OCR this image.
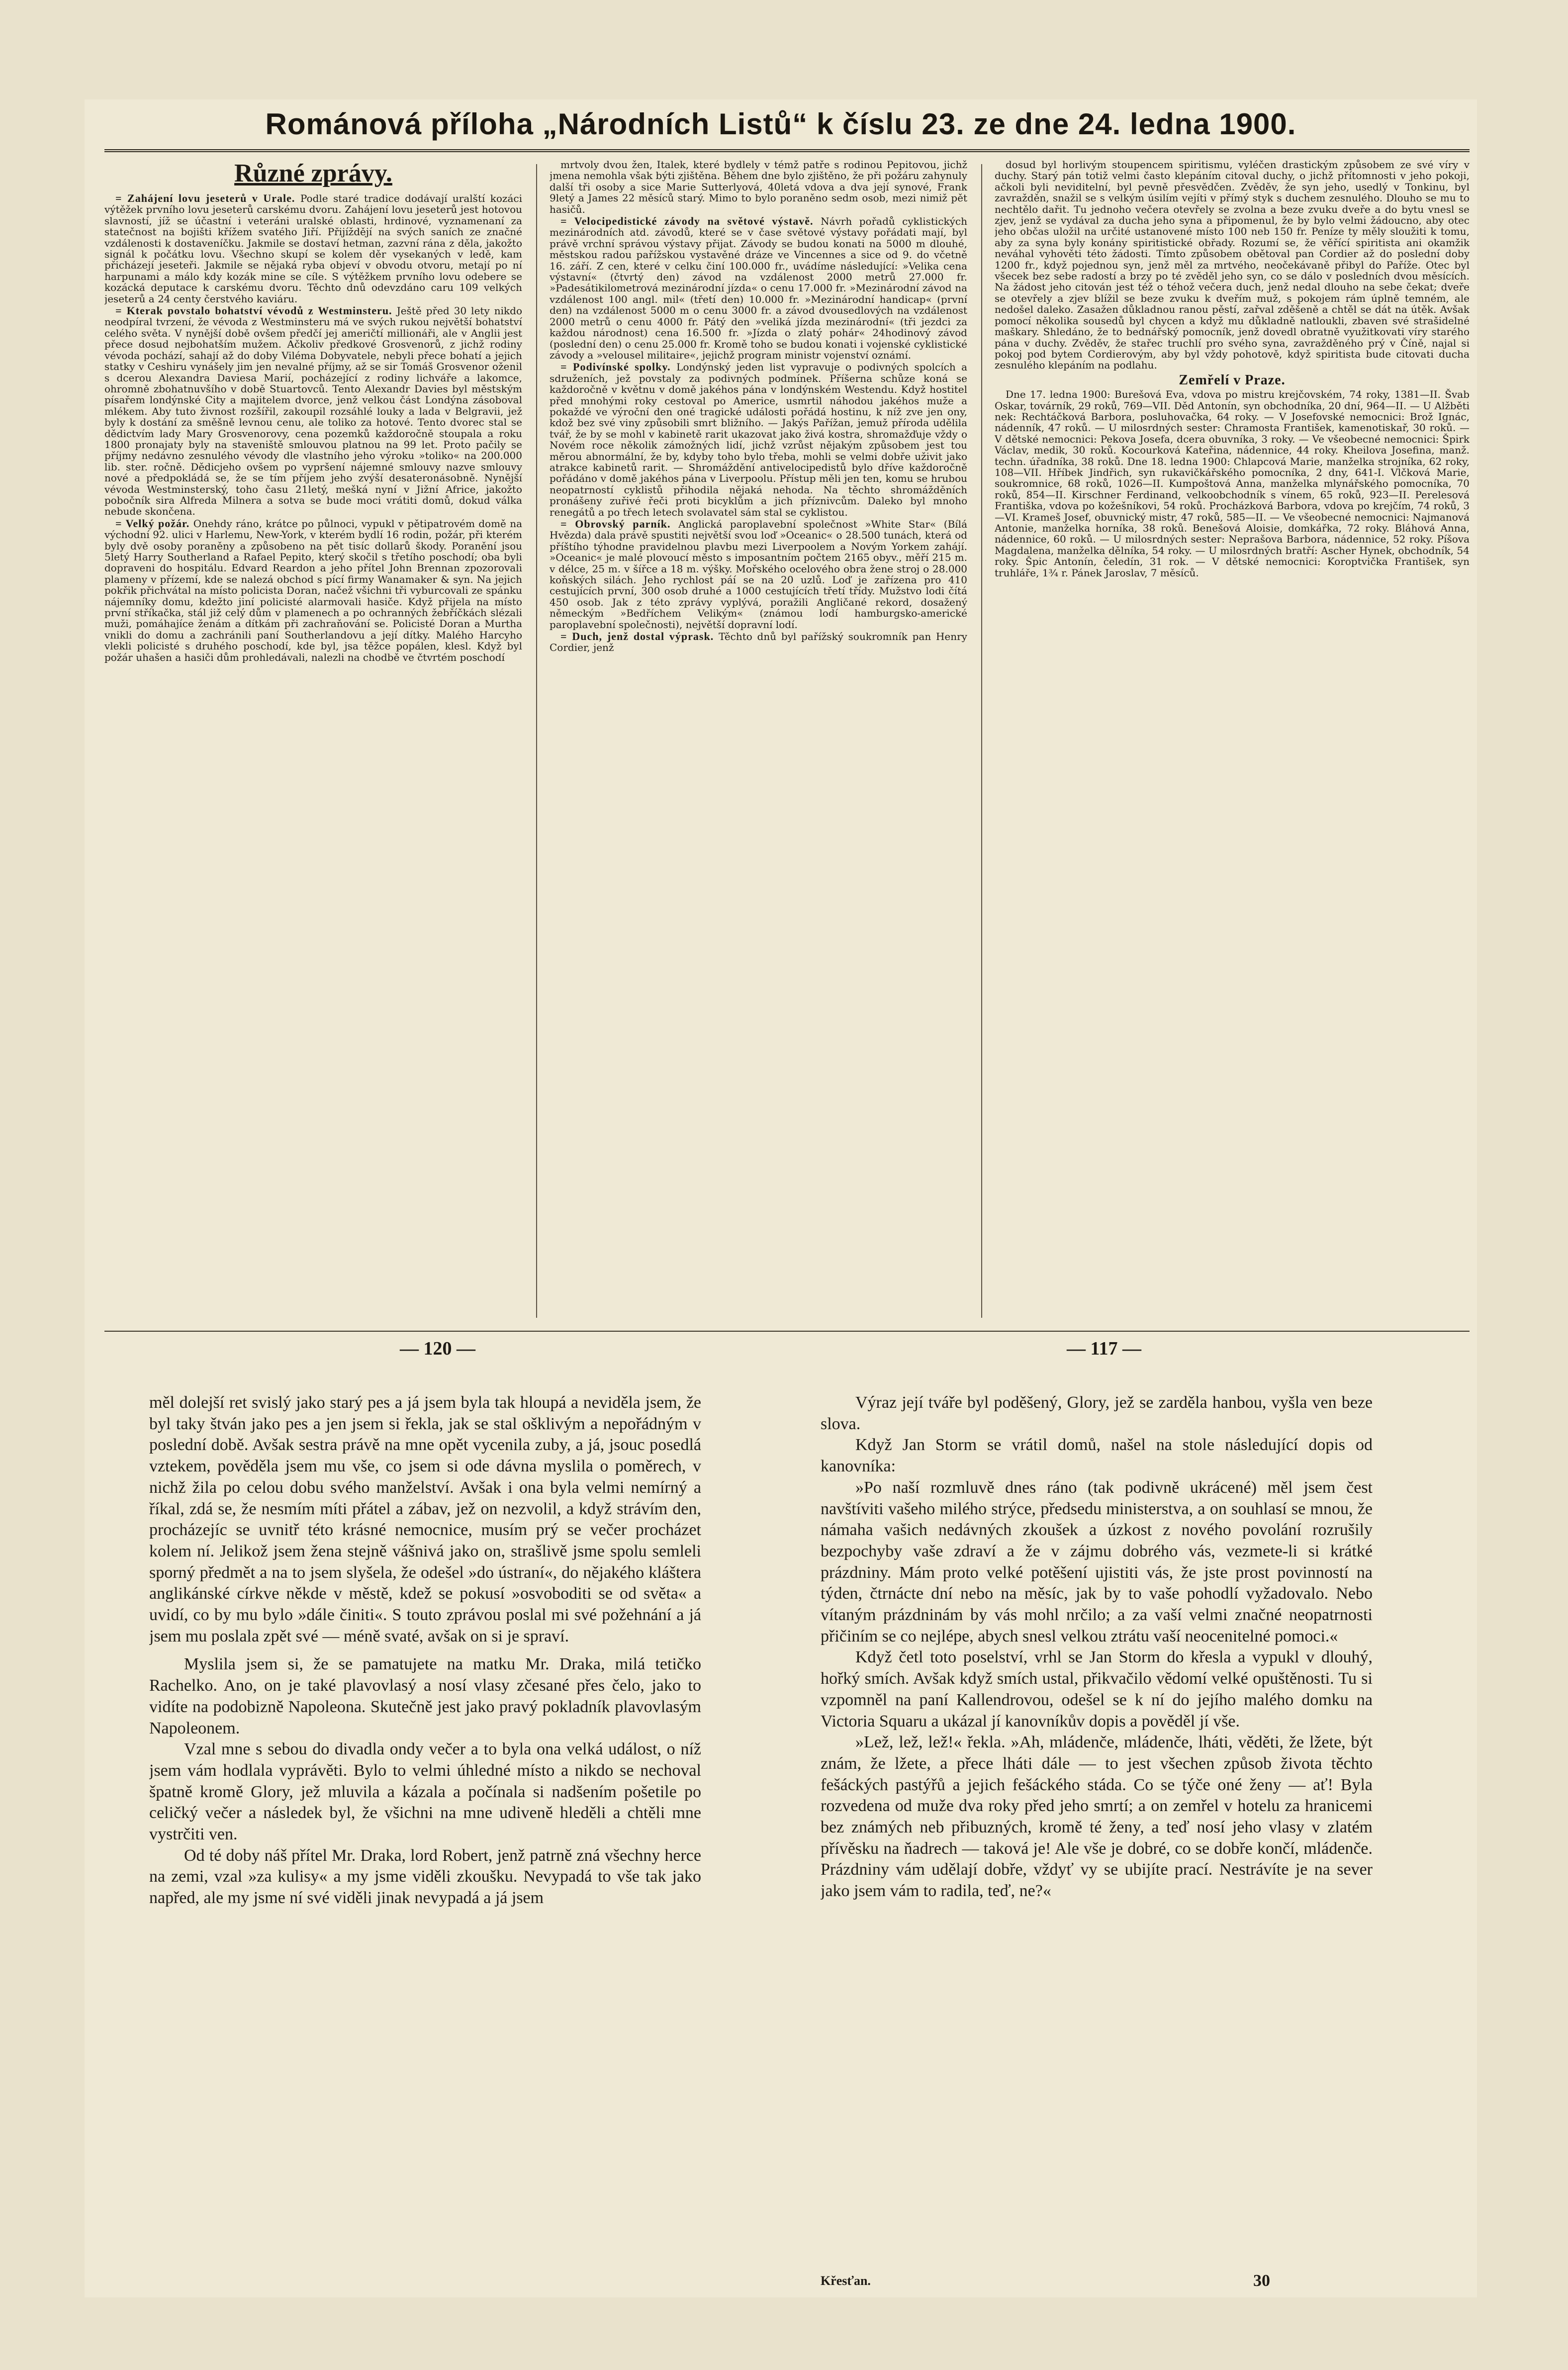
Románová příloha „Národních Listů“ k číslu 23. ze dne 24. ledna 1900.
Různé zprávy.

= Zahájení lovu jeseterů v Urale. Podle staré tradice dodávají uralští kozáci výtěžek prvního lovu jeseterů carskému dvoru. Zahájení lovu jeseterů jest hotovou slavností, jíž se účastní i veteráni uralské oblasti, hrdinové, vyznamenaní za statečnost na bojišti křížem svatého Jiří. Přijíždějí na svých saních ze značné vzdálenosti k dostaveníčku. Jakmile se dostaví hetman, zazvní rána z děla, jakožto signál k počátku lovu. Všechno skupí se kolem děr vysekaných v ledě, kam přicházejí jeseteři. Jakmile se nějaká ryba objeví v obvodu otvoru, metají po ní harpunami a málo kdy kozák mine se cíle. S výtěžkem prvního lovu odebere se kozácká deputace k carskému dvoru. Těchto dnů odevzdáno caru 109 velkých jeseterů a 24 centy čerstvého kaviáru.

= Kterak povstalo bohatství vévodů z Westminsteru. Ještě před 30 lety nikdo neodpíral tvrzení, že vévoda z Westminsteru má ve svých rukou největší bohatství celého světa. V nynější době ovšem předčí jej američtí millionáři, ale v Anglii jest přece dosud nejbohatším mužem. Ačkoliv předkové Grosvenorů, z jichž rodiny vévoda pochází, sahají až do doby Viléma Dobyvatele, nebyli přece bohatí a jejich statky v Ceshiru vynášely jim jen nevalné příjmy, až se sir Tomáš Grosvenor oženil s dcerou Alexandra Daviesa Marií, pocházející z rodiny lichváře a lakomce, ohromně zbohatnuvšího v době Stuartovců. Tento Alexandr Davies byl městským písařem londýnské City a majitelem dvorce, jenž velkou část Londýna zásoboval mlékem. Aby tuto živnost rozšířil, zakoupil rozsáhlé louky a lada v Belgravii, jež byly k dostání za směšně levnou cenu, ale toliko za hotové. Tento dvorec stal se dědictvím lady Mary Grosvenorovy, cena pozemků každoročně stoupala a roku 1800 pronajaty byly na staveniště smlouvou platnou na 99 let. Proto pačily se příjmy nedávno zesnulého vévody dle vlastního jeho výroku »toliko« na 200.000 lib. ster. ročně. Dědicjeho ovšem po vypršení nájemné smlouvy nazve smlouvy nové a předpokládá se, že se tím příjem jeho zvýší desateronásobně. Nynější vévoda Westminsterský, toho času 21letý, mešká nyní v Jižní Africe, jakožto pobočník sira Alfreda Milnera a sotva se bude moci vrátiti domů, dokud válka nebude skončena.

= Velký požár. Onehdy ráno, krátce po půlnoci, vypukl v pětipatrovém domě na východní 92. ulici v Harlemu, New-York, v kterém bydlí 16 rodin, požár, při kterém byly dvě osoby poraněny a způsobeno na pět tisíc dollarů škody. Poranění jsou 5letý Harry Southerland a Rafael Pepito, který skočil s třetího poschodí; oba byli dopraveni do hospitálu. Edvard Reardon a jeho přítel John Brennan zpozorovali plameny v přízemí, kde se nalezá obchod s pící firmy Wanamaker & syn. Na jejich pokřik přichvátal na místo policista Doran, načež všichni tři vyburcovali ze spánku nájemníky domu, kdežto jiní policisté alarmovali hasiče. Když přijela na místo první stříkačka, stál již celý dům v plamenech a po ochranných žebříčkách slézali muži, pomáhajíce ženám a dítkám při zachraňování se. Policisté Doran a Murtha vnikli do domu a zachránili paní Southerlandovu a její dítky. Malého Harcyho vlekli policisté s druhého poschodí, kde byl, jsa těžce popálen, klesl. Když byl požár uhašen a hasiči dům prohledávali, nalezli na chodbě ve čtvrtém poschodí

mrtvoly dvou žen, Italek, které bydlely v témž patře s rodinou Pepitovou, jichž jmena nemohla však býti zjištěna. Během dne bylo zjištěno, že při požáru zahynuly další tři osoby a sice Marie Sutterlyová, 40letá vdova a dva její synové, Frank 9letý a James 22 měsíců starý. Mimo to bylo poraněno sedm osob, mezi nimiž pět hasičů.

= Velocipedistické závody na světové výstavě. Návrh pořadů cyklistických mezinárodních atd. závodů, které se v čase světové výstavy pořádati mají, byl právě vrchní správou výstavy přijat. Závody se budou konati na 5000 m dlouhé, městskou radou pařížskou vystavěné dráze ve Vincennes a sice od 9. do včetně 16. září. Z cen, které v celku činí 100.000 fr., uvádíme následující: »Velika cena výstavní« (čtvrtý den) závod na vzdálenost 2000 metrů 27.000 fr. »Padesátikilometrová mezinárodní jízda« o cenu 17.000 fr. »Mezinárodní závod na vzdálenost 100 angl. mil« (třetí den) 10.000 fr. »Mezinárodní handicap« (první den) na vzdálenost 5000 m o cenu 3000 fr. a závod dvousedlových na vzdálenost 2000 metrů o cenu 4000 fr. Pátý den »veliká jízda mezinárodní« (tři jezdci za každou národnost) cena 16.500 fr. »Jízda o zlatý pohár« 24hodinový závod (poslední den) o cenu 25.000 fr. Kromě toho se budou konati i vojenské cyklistické závody a »velousel militaire«, jejichž program ministr vojenství oznámí.

= Podivínské spolky. Londýnský jeden list vypravuje o podivných spolcích a sdruženích, jež povstaly za podivných podmínek. Příšerna schůze koná se každoročně v květnu v domě jakéhos pána v londýnském Westendu. Když hostitel před mnohými roky cestoval po Americe, usmrtil náhodou jakéhos muže a pokaždé ve výroční den oné tragické události pořádá hostinu, k níž zve jen ony, kdož bez své viny způsobili smrt bližního. — Jakýs Pařížan, jemuž příroda udělila tvář, že by se mohl v kabinetě rarit ukazovat jako živá kostra, shromažďuje vždy o Novém roce několik zámožných lidí, jichž vzrůst nějakým způsobem jest tou měrou abnormální, že by, kdyby toho bylo třeba, mohli se velmi dobře uživit jako atrakce kabinetů rarit. — Shromáždění antivelocipedistů bylo dříve každoročně pořádáno v domě jakéhos pána v Liverpoolu. Přístup měli jen ten, komu se hrubou neopatrností cyklistů přihodila nějaká nehoda. Na těchto shromážděních pronášeny zuřivé řeči proti bicyklům a jich příznivcům. Daleko byl mnoho renegátů a po třech letech svolavatel sám stal se cyklistou.

= Obrovský parník. Anglická paroplavební společnost »White Star« (Bílá Hvězda) dala právě spustiti největší svou loď »Oceanic« o 28.500 tunách, která od příštího týhodne pravidelnou plavbu mezi Liverpoolem a Novým Yorkem zahájí. »Oceanic« je malé plovoucí město s imposantním počtem 2165 obyv., měří 215 m. v délce, 25 m. v šířce a 18 m. výšky. Mořského ocelového obra žene stroj o 28.000 koňských silách. Jeho rychlost páí se na 20 uzlů. Loď je zařízena pro 410 cestujících první, 300 osob druhé a 1000 cestujících třetí třídy. Mužstvo lodi čítá 450 osob. Jak z této zprávy vyplývá, poražili Angličané rekord, dosažený německým »Bedříchem Velikým« (známou lodí hamburgsko-americké paroplavební společnosti), největší dopravní lodí.

= Duch, jenž dostal výprask. Těchto dnů byl pařížský soukromník pan Henry Cordier, jenž

dosud byl horlivým stoupencem spiritismu, vyléčen drastickým způsobem ze své víry v duchy. Starý pán totiž velmi často klepáním citoval duchy, o jichž přítomnosti v jeho pokoji, ačkoli byli neviditelní, byl pevně přesvědčen. Zvěděv, že syn jeho, usedlý v Tonkinu, byl zavražděn, snažil se s velkým úsilím vejíti v přímý styk s duchem zesnulého. Dlouho se mu to nechtělo dařit. Tu jednoho večera otevřely se zvolna a beze zvuku dveře a do bytu vnesl se zjev, jenž se vydával za ducha jeho syna a připomenul, že by bylo velmi žádoucno, aby otec jeho občas uložil na určité ustanovené místo 100 neb 150 fr. Peníze ty měly sloužiti k tomu, aby za syna byly konány spiritistické obřady. Rozumí se, že věřící spiritista ani okamžik neváhal vyhověti této žádosti. Tímto způsobem obětoval pan Cordier až do poslední doby 1200 fr., když pojednou syn, jenž měl za mrtvého, neočekávaně přibyl do Paříže. Otec byl všecek bez sebe radostí a brzy po té zvěděl jeho syn, co se dálo v posledních dvou měsících. Na žádost jeho citován jest též o téhož večera duch, jenž nedal dlouho na sebe čekat; dveře se otevřely a zjev blížil se beze zvuku k dveřím muž, s pokojem rám úplně temném, ale nedošel daleko. Zasažen důkladnou ranou pěstí, zařval zděšeně a chtěl se dát na útěk. Avšak pomocí několika sousedů byl chycen a když mu důkladně natloukli, zbaven své strašidelné maškary. Shledáno, že to bednářský pomocník, jenž dovedl obratně využitkovati víry starého pána v duchy. Zvěděv, že stařec truchlí pro svého syna, zavražděného prý v Číně, najal si pokoj pod bytem Cordierovým, aby byl vždy pohotově, když spiritista bude citovati ducha zesnulého klepáním na podlahu.

Zemřelí v Praze.

Dne 17. ledna 1900: Burešová Eva, vdova po mistru krejčovském, 74 roky, 1381—II. Švab Oskar, továrník, 29 roků, 769—VII. Děd Antonín, syn obchodníka, 20 dní, 964—II. — U Alžběti nek: Rechtáčková Barbora, posluhovačka, 64 roky. — V Josefovské nemocnici: Brož Ignác, nádenník, 47 roků. — U milosrdných sester: Chramosta František, kamenotiskař, 30 roků. — V dětské nemocnici: Pekova Josefa, dcera obuvníka, 3 roky. — Ve všeobecné nemocnici: Špirk Václav, medik, 30 roků. Kocourková Kateřina, nádennice, 44 roky. Kheilova Josefina, manž. techn. úřadníka, 38 roků. Dne 18. ledna 1900: Chlapcová Marie, manželka strojníka, 62 roky, 108—VII. Hříbek Jindřich, syn rukavičkářského pomocníka, 2 dny, 641-I. Vlčková Marie, soukromnice, 68 roků, 1026—II. Kumpoštová Anna, manželka mlynářského pomocníka, 70 roků, 854—II. Kirschner Ferdinand, velkoobchodník s vínem, 65 roků, 923—II. Perelesová Františka, vdova po kožešníkovi, 54 roků. Procházková Barbora, vdova po krejčím, 74 roků, 3—VI. Krameš Josef, obuvnický mistr, 47 roků, 585—II. — Ve všeobecné nemocnici: Najmanová Antonie, manželka horníka, 38 roků. Benešová Aloisie, domkářka, 72 roky. Bláhová Anna, nádennice, 60 roků. — U milosrdných sester: Neprašova Barbora, nádennice, 52 roky. Píšova Magdalena, manželka dělníka, 54 roky. — U milosrdných bratří: Ascher Hynek, obchodník, 54 roky. Špic Antonín, čeledín, 31 rok. — V dětské nemocnici: Koroptvička František, syn truhláře, 1¾ r. Pánek Jaroslav, 7 měsíců.

— 120 —	— 117 —

měl dolejší ret svislý jako starý pes a já jsem byla tak hloupá a neviděla jsem, že byl taky štván jako pes a jen jsem si řekla, jak se stal ošklivým a nepořádným v poslední době. Avšak sestra právě na mne opět vycenila zuby, a já, jsouc posedlá vztekem, pověděla jsem mu vše, co jsem si ode dávna myslila o poměrech, v nichž žila po celou dobu svého manželství. Avšak i ona byla velmi nemírný a říkal, zdá se, že nesmím míti přátel a zábav, jež on nezvolil, a když strávím den, procházejíc se uvnitř této krásné nemocnice, musím prý se večer procházet kolem ní. Jelikož jsem žena stejně vášnivá jako on, strašlivě jsme spolu semleli sporný předmět a na to jsem slyšela, že odešel »do ústraní«, do nějakého kláštera anglikánské církve někde v městě, kdež se pokusí »osvoboditi se od světa« a uvidí, co by mu bylo »dále činiti«. S touto zprávou poslal mi své požehnání a já jsem mu poslala zpět své — méně svaté, avšak on si je spraví.

Myslila jsem si, že se pamatujete na matku Mr. Draka, milá tetičko Rachelko. Ano, on je také plavovlasý a nosí vlasy zčesané přes čelo, jako to vidíte na podobizně Napoleona. Skutečně jest jako pravý pokladník plavovlasým Napoleonem.

Vzal mne s sebou do divadla ondy večer a to byla ona velká událost, o níž jsem vám hodlala vyprávěti. Bylo to velmi úhledné místo a nikdo se nechoval špatně kromě Glory, jež mluvila a kázala a počínala si nadšením pošetile po celičký večer a následek byl, že všichni na mne udiveně hleděli a chtěli mne vystrčiti ven.

Od té doby náš přítel Mr. Draka, lord Robert, jenž patrně zná všechny herce na zemi, vzal »za kulisy« a my jsme viděli zkoušku. Nevypadá to vše tak jako napřed, ale my jsme ní své viděli jinak nevypadá a já jsem

Výraz její tváře byl poděšený, Glory, jež se zarděla hanbou, vyšla ven beze slova.

Když Jan Storm se vrátil domů, našel na stole následující dopis od kanovníka:

»Po naší rozmluvě dnes ráno (tak podivně ukrácené) měl jsem čest navštíviti vašeho milého strýce, předsedu ministerstva, a on souhlasí se mnou, že námaha vašich nedávných zkoušek a úzkost z nového povolání rozrušily bezpochyby vaše zdraví a že v zájmu dobrého vás, vezmete-li si krátké prázdniny. Mám proto velké potěšení ujistiti vás, že jste prost povinností na týden, čtrnácte dní nebo na měsíc, jak by to vaše pohodlí vyžadovalo. Nebo vítaným prázdninám by vás mohl nrčilo; a za vaší velmi značné neopatrnosti přičiním se co nejlépe, abych snesl velkou ztrátu vaší neocenitelné pomoci.«

Když četl toto poselství, vrhl se Jan Storm do křesla a vypukl v dlouhý, hořký smích. Avšak když smích ustal, přikvačilo vědomí velké opuštěnosti. Tu si vzpomněl na paní Kallendrovou, odešel se k ní do jejího malého domku na Victoria Squaru a ukázal jí kanovníkův dopis a pověděl jí vše.

»Lež, lež, lež!« řekla. »Ah, mládenče, mládenče, lháti, věděti, že lžete, být znám, že lžete, a přece lháti dále — to jest všechen způsob života těchto fešáckých pastýřů a jejich fešáckého stáda. Co se týče oné ženy — ať! Byla rozvedena od muže dva roky před jeho smrtí; a on zemřel v hotelu za hranicemi bez známých neb přibuzných, kromě té ženy, a teď nosí jeho vlasy v zlatém přívěsku na ňadrech — taková je! Ale vše je dobré, co se dobře končí, mládenče. Prázdniny vám udělají dobře, vždyť vy se ubijíte prací. Nestrávíte je na sever jako jsem vám to radila, teď, ne?«

Křesťan.	30
